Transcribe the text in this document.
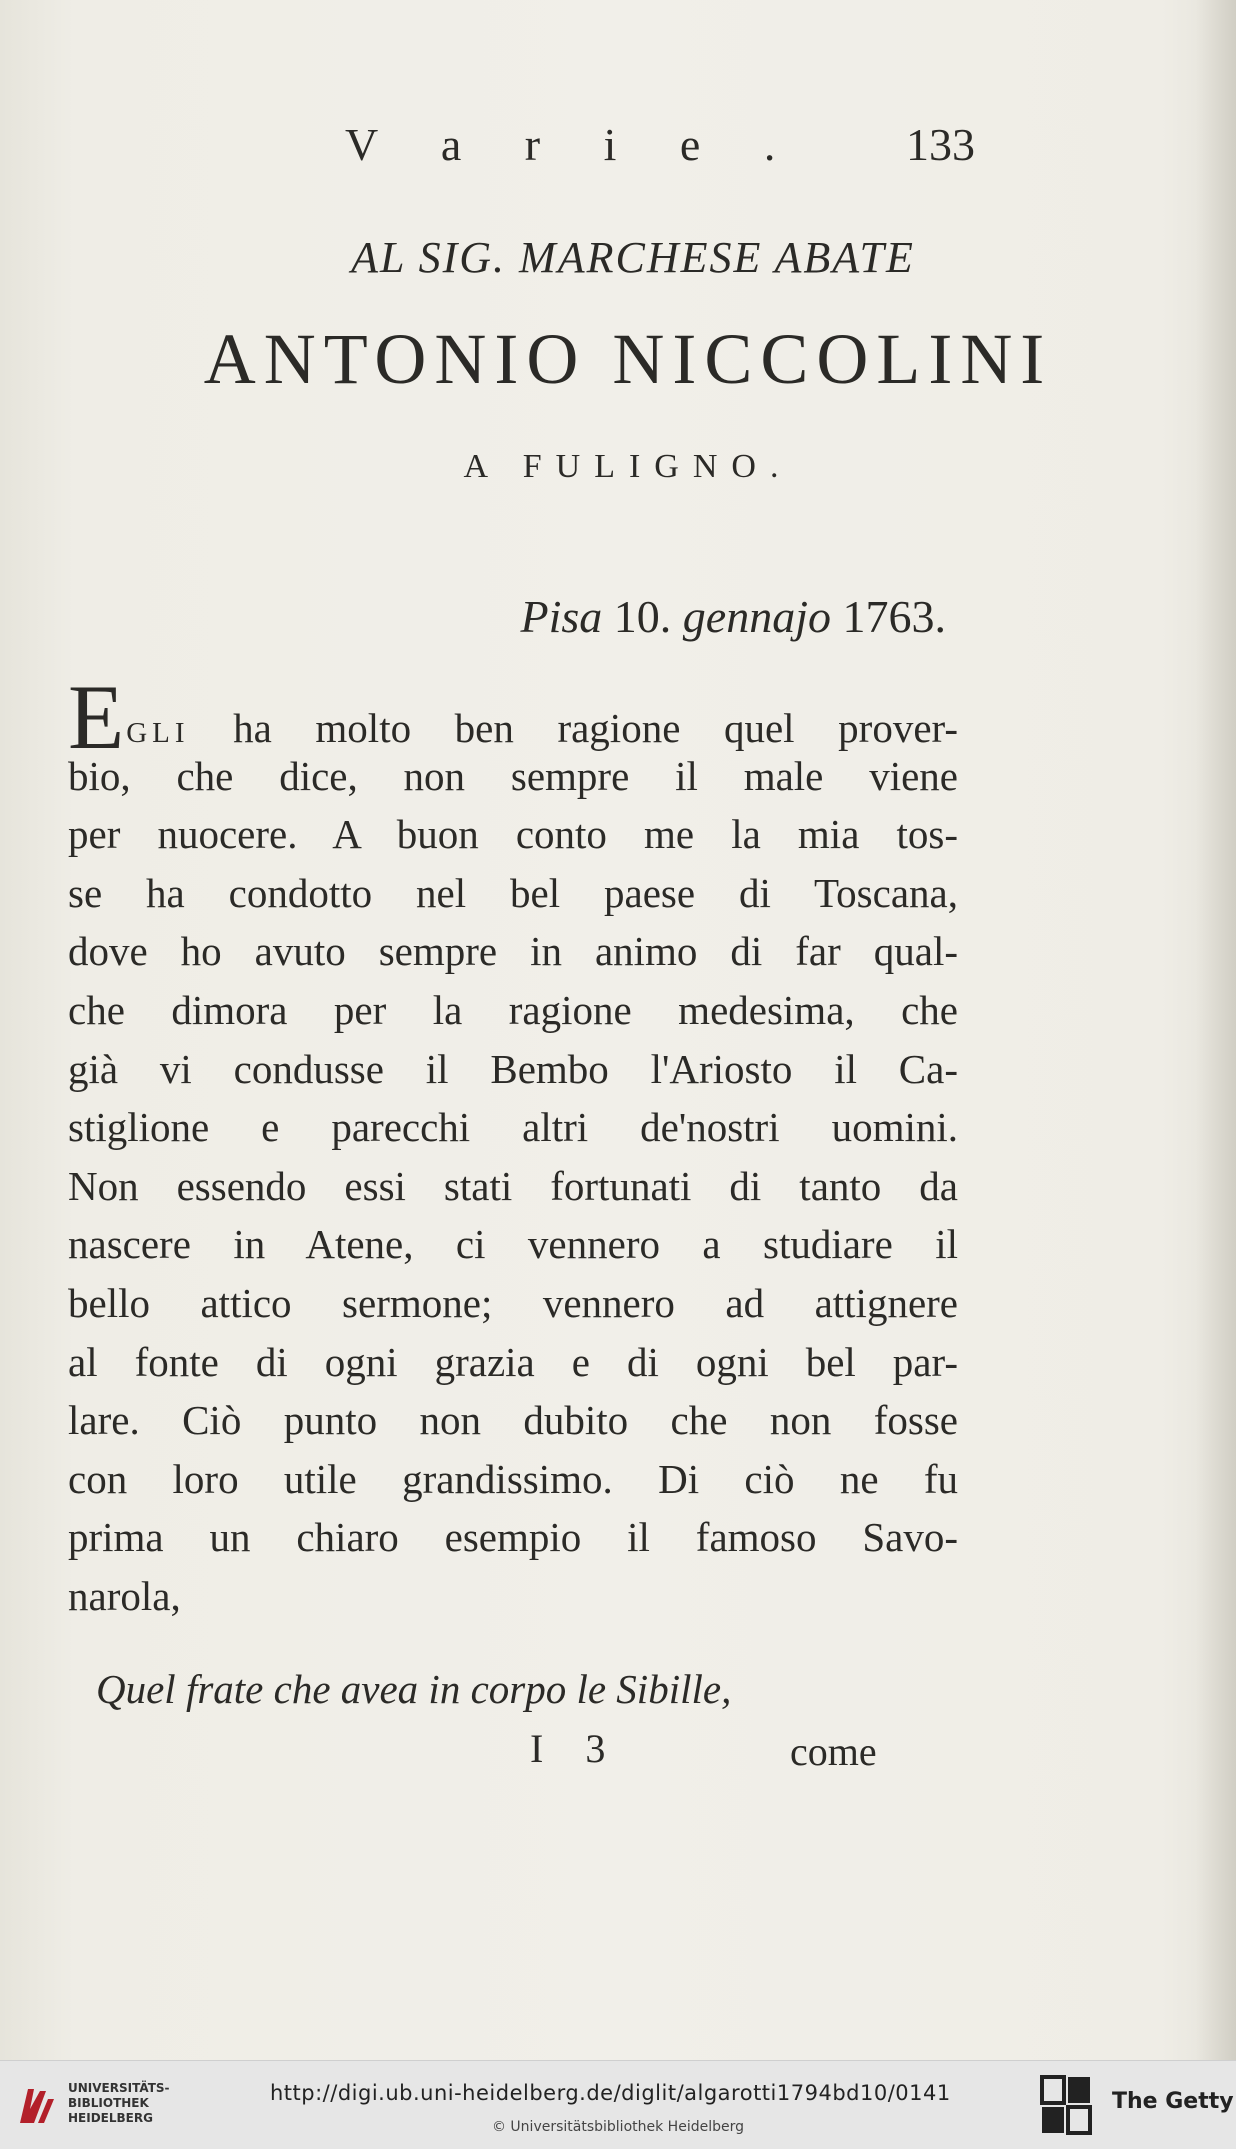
V a r i e . 133
AL SIG. MARCHESE ABATE
ANTONIO NICCOLINI
A FULIGNO.
Pisa 10. gennajo 1763.
EGLI ha molto ben ragione quel prover-
bio, che dice, non sempre il male viene
per nuocere. A buon conto me la mia tos-
se ha condotto nel bel paese di Toscana,
dove ho avuto sempre in animo di far qual-
che dimora per la ragione medesima, che
già vi condusse il Bembo l'Ariosto il Ca-
stiglione e parecchi altri de'nostri uomini.
Non essendo essi stati fortunati di tanto da
nascere in Atene, ci vennero a studiare il
bello attico sermone; vennero ad attignere
al fonte di ogni grazia e di ogni bel par-
lare. Ciò punto non dubito che non fosse
con loro utile grandissimo. Di ciò ne fu
prima un chiaro esempio il famoso Savo-
narola,
Quel frate che avea in corpo le Sibille,
I 3	come
UNIVERSITÄTS-
BIBLIOTHEK
HEIDELBERG
http://digi.ub.uni-heidelberg.de/diglit/algarotti1794bd10/0141
© Universitätsbibliothek Heidelberg
The Getty
